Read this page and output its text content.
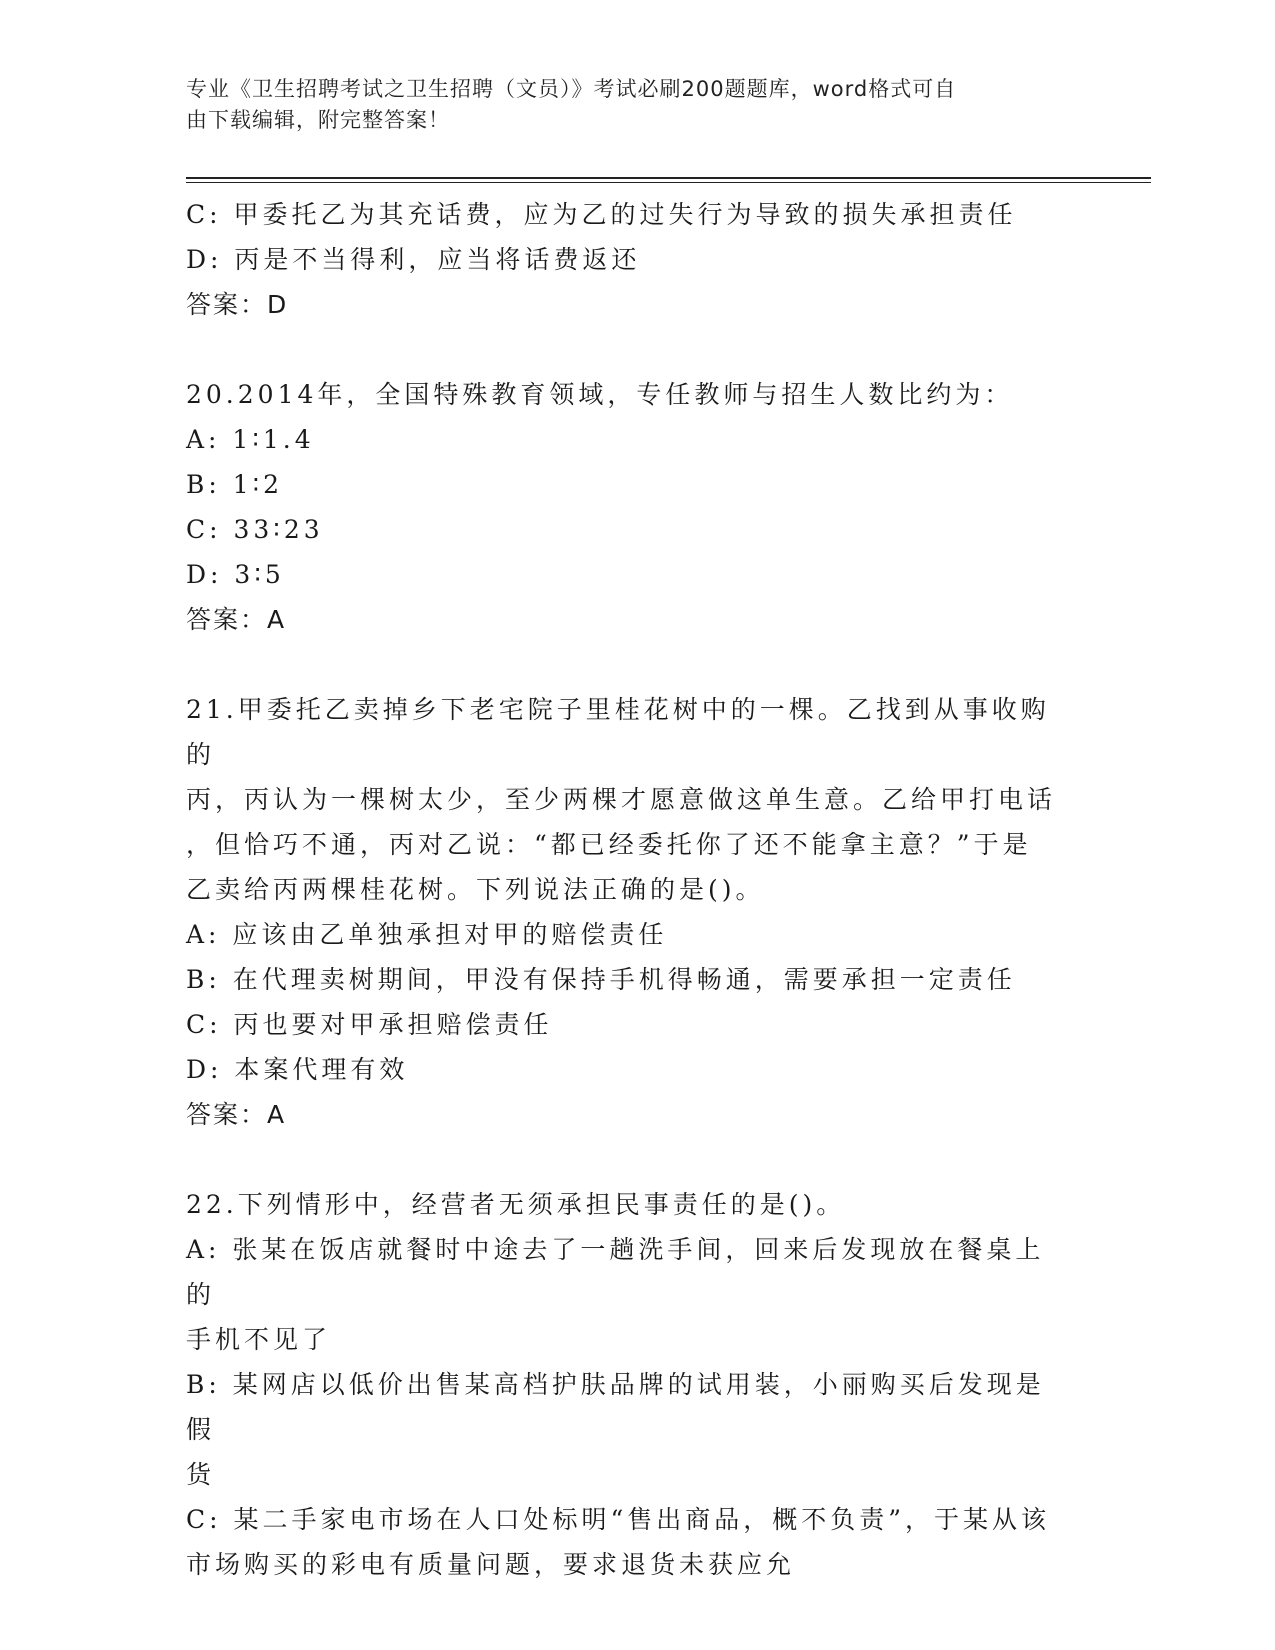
专业《卫生招聘考试之卫生招聘（文员）》考试必刷200题题库，word格式可自
由下载编辑，附完整答案！
C: 甲委托乙为其充话费，应为乙的过失行为导致的损失承担责任
D: 丙是不当得利，应当将话费返还
答案：D
20.2014年，全国特殊教育领域，专任教师与招生人数比约为：
A: 1∶1.4
B: 1∶2
C: 33∶23
D: 3∶5
答案：A
21.甲委托乙卖掉乡下老宅院子里桂花树中的一棵。乙找到从事收购的
丙，丙认为一棵树太少，至少两棵才愿意做这单生意。乙给甲打电话
，但恰巧不通，丙对乙说：“都已经委托你了还不能拿主意？”于是
乙卖给丙两棵桂花树。下列说法正确的是()。
A: 应该由乙单独承担对甲的赔偿责任
B: 在代理卖树期间，甲没有保持手机得畅通，需要承担一定责任
C: 丙也要对甲承担赔偿责任
D: 本案代理有效
答案：A
22.下列情形中，经营者无须承担民事责任的是()。
A: 张某在饭店就餐时中途去了一趟洗手间，回来后发现放在餐桌上的
手机不见了
B: 某网店以低价出售某高档护肤品牌的试用装，小丽购买后发现是假
货
C: 某二手家电市场在人口处标明“售出商品，概不负责”，于某从该
市场购买的彩电有质量问题，要求退货未获应允
